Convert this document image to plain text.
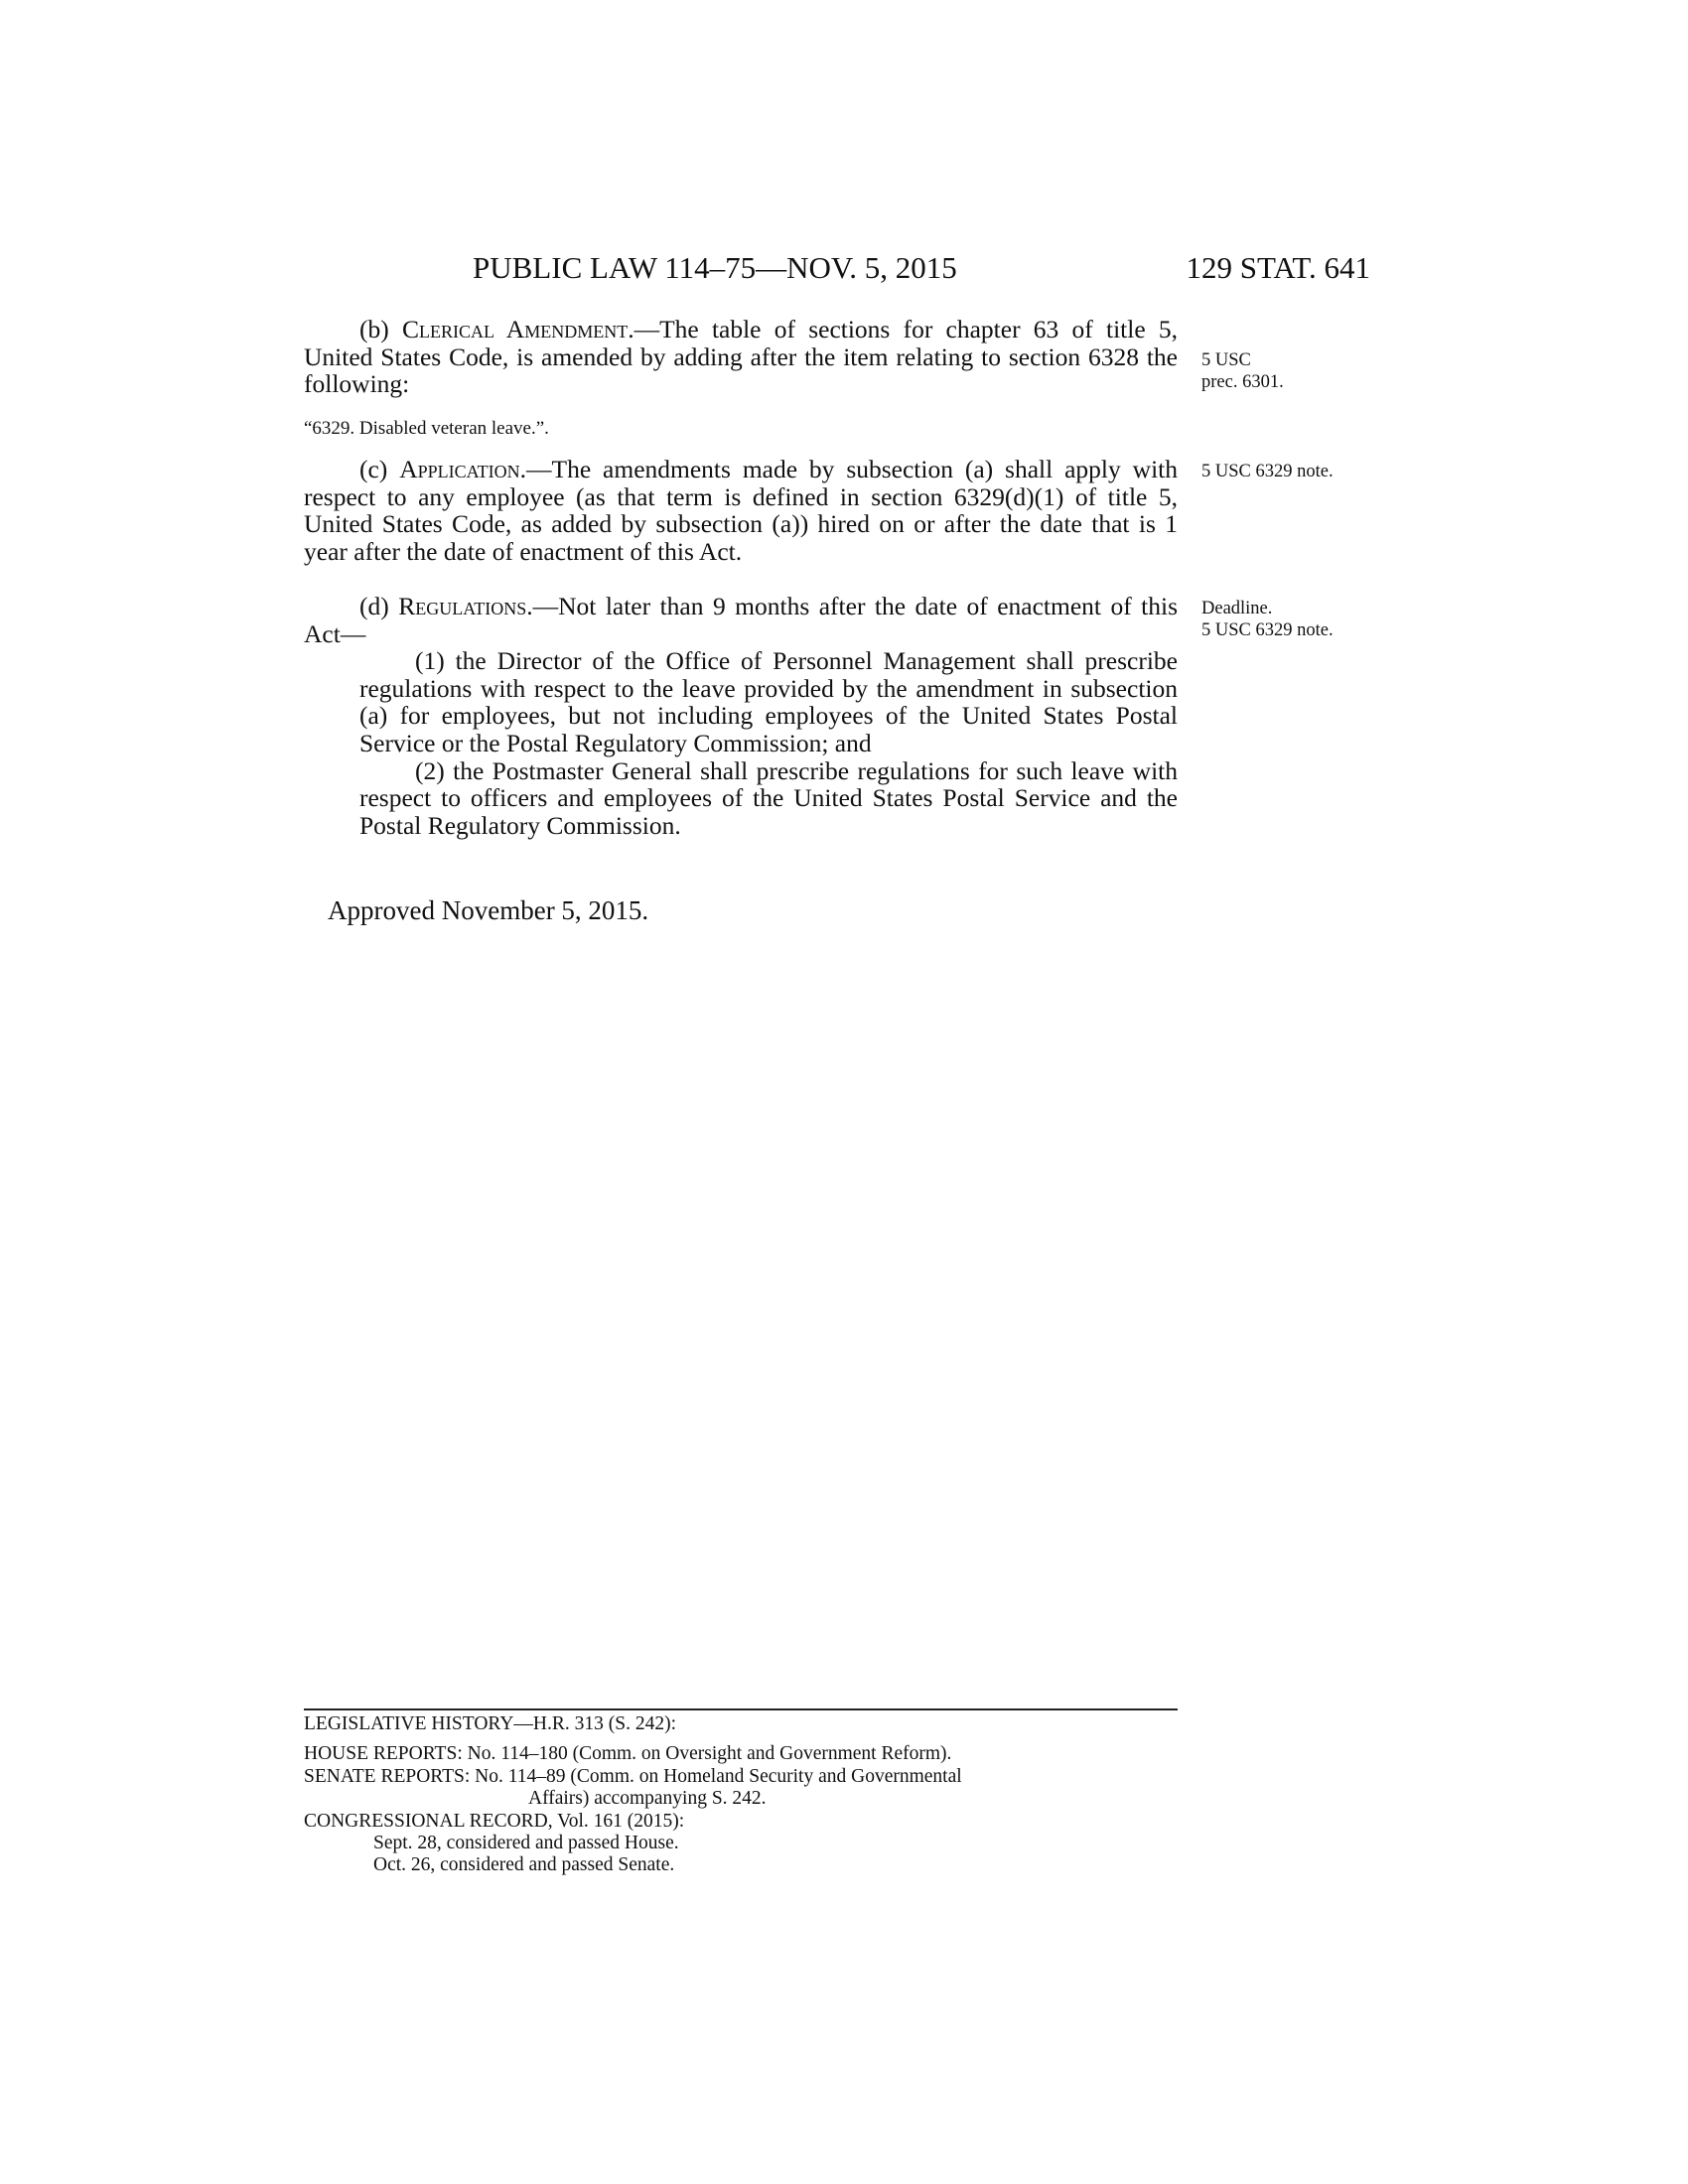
PUBLIC LAW 114–75—NOV. 5, 2015	129 STAT. 641

(b) Clerical Amendment.—The table of sections for chapter 63 of title 5, United States Code, is amended by adding after the item relating to section 6328 the following:

5 USC
prec. 6301.

“6329. Disabled veteran leave.”.

(c) Application.—The amendments made by subsection (a) shall apply with respect to any employee (as that term is defined in section 6329(d)(1) of title 5, United States Code, as added by subsection (a)) hired on or after the date that is 1 year after the date of enactment of this Act.

5 USC 6329 note.

(d) Regulations.—Not later than 9 months after the date of enactment of this Act—

(1) the Director of the Office of Personnel Management shall prescribe regulations with respect to the leave provided by the amendment in subsection (a) for employees, but not including employees of the United States Postal Service or the Postal Regulatory Commission; and

(2) the Postmaster General shall prescribe regulations for such leave with respect to officers and employees of the United States Postal Service and the Postal Regulatory Commission.

Deadline.
5 USC 6329 note.
Approved November 5, 2015.

LEGISLATIVE HISTORY—H.R. 313 (S. 242):

HOUSE REPORTS: No. 114–180 (Comm. on Oversight and Government Reform).

SENATE REPORTS: No. 114–89 (Comm. on Homeland Security and Governmental

Affairs) accompanying S. 242.

CONGRESSIONAL RECORD, Vol. 161 (2015):

Sept. 28, considered and passed House.

Oct. 26, considered and passed Senate.
